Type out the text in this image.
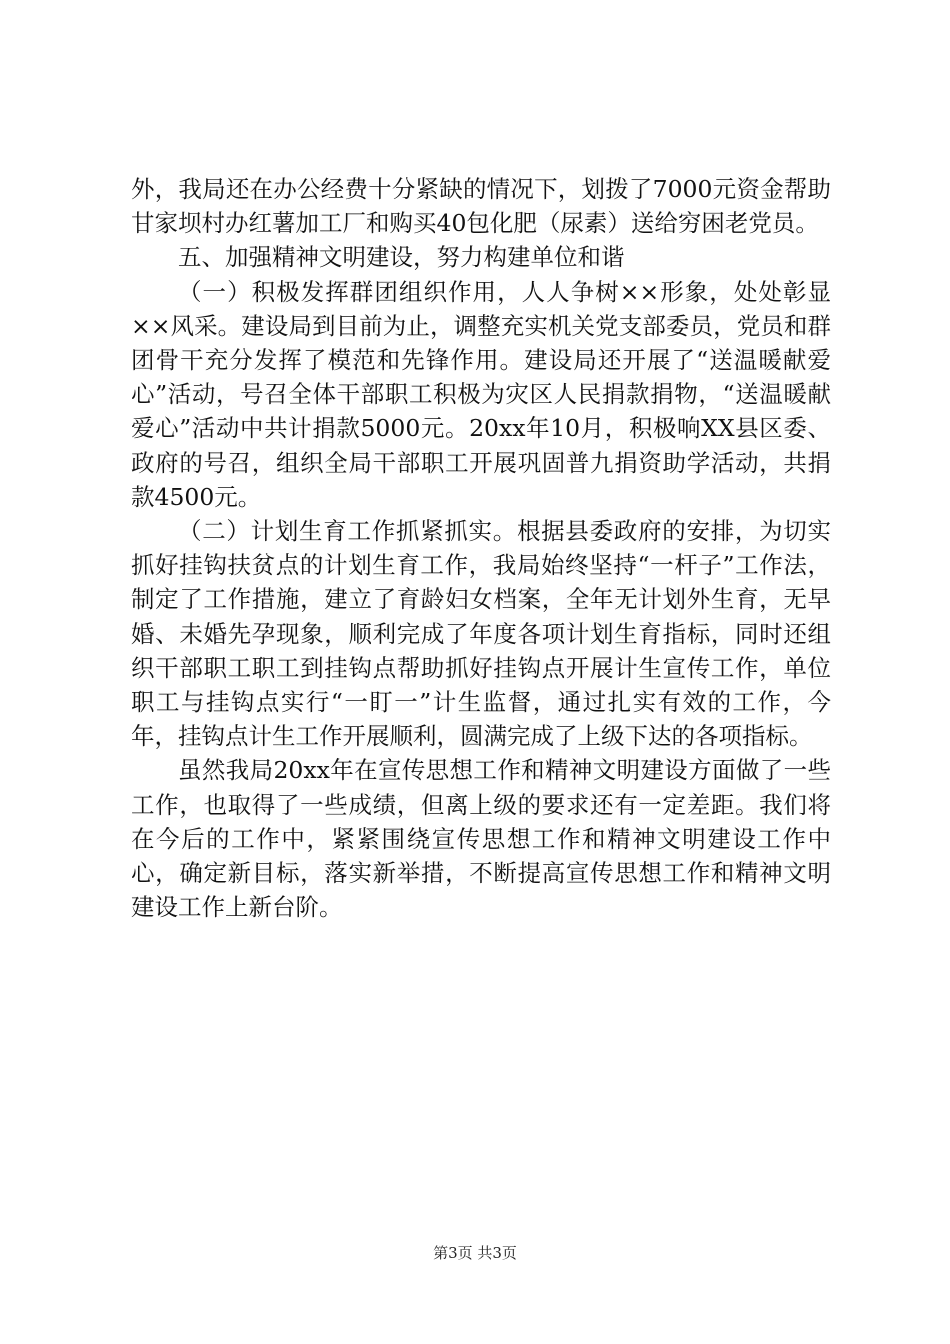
外，我局还在办公经费十分紧缺的情况下，划拨了7000元资金帮助甘家坝村办红薯加工厂和购买40包化肥（尿素）送给穷困老党员。

五、加强精神文明建设，努力构建单位和谐

（一）积极发挥群团组织作用，人人争树××形象，处处彰显××风采。建设局到目前为止，调整充实机关党支部委员，党员和群团骨干充分发挥了模范和先锋作用。建设局还开展了“送温暖献爱心”活动，号召全体干部职工积极为灾区人民捐款捐物，“送温暖献爱心”活动中共计捐款5000元。20xx年10月，积极响XX县区委、政府的号召，组织全局干部职工开展巩固普九捐资助学活动，共捐款4500元。

（二）计划生育工作抓紧抓实。根据县委政府的安排，为切实抓好挂钩扶贫点的计划生育工作，我局始终坚持“一杆子”工作法，制定了工作措施，建立了育龄妇女档案，全年无计划外生育，无早婚、未婚先孕现象，顺利完成了年度各项计划生育指标，同时还组织干部职工职工到挂钩点帮助抓好挂钩点开展计生宣传工作，单位职工与挂钩点实行“一盯一”计生监督，通过扎实有效的工作，今年，挂钩点计生工作开展顺利，圆满完成了上级下达的各项指标。

虽然我局20xx年在宣传思想工作和精神文明建设方面做了一些工作，也取得了一些成绩，但离上级的要求还有一定差距。我们将在今后的工作中，紧紧围绕宣传思想工作和精神文明建设工作中心，确定新目标，落实新举措，不断提高宣传思想工作和精神文明建设工作上新台阶。

第3页 共3页
